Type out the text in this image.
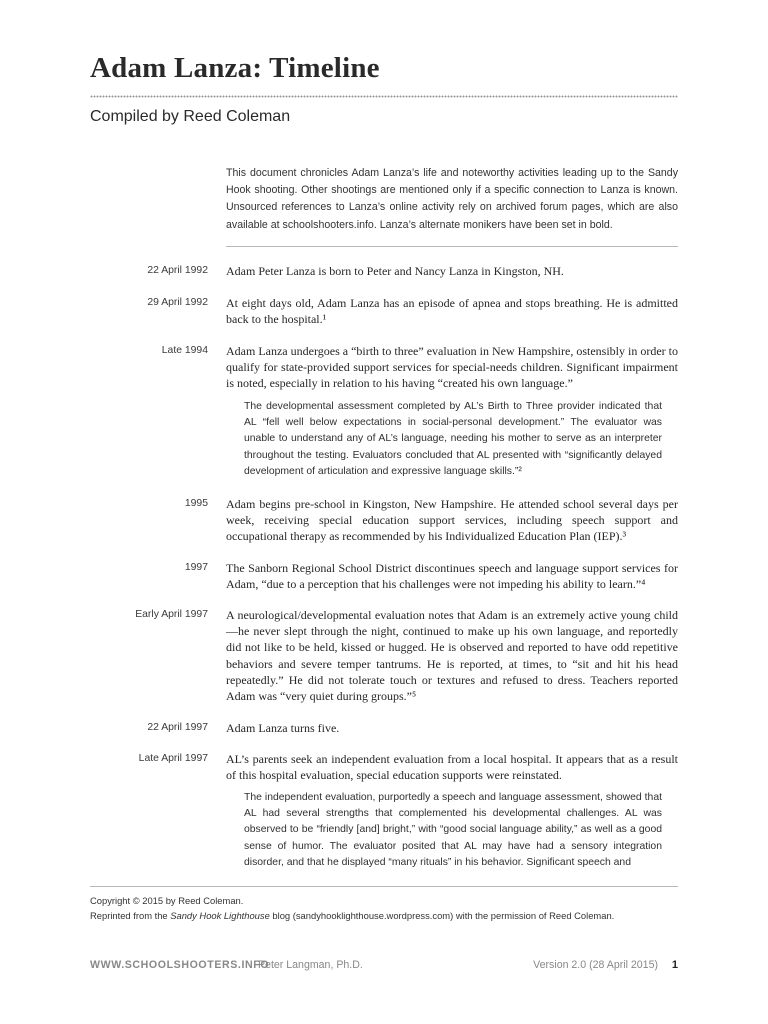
Adam Lanza: Timeline
Compiled by Reed Coleman

This document chronicles Adam Lanza’s life and noteworthy activities leading up to the Sandy Hook shooting. Other shootings are mentioned only if a specific connection to Lanza is known. Unsourced references to Lanza’s online activity rely on archived forum pages, which are also available at schoolshooters.info. Lanza’s alternate monikers have been set in bold.

22 April 1992 Adam Peter Lanza is born to Peter and Nancy Lanza in Kingston, NH.

29 April 1992 At eight days old, Adam Lanza has an episode of apnea and stops breathing. He is admitted back to the hospital.¹

Late 1994 Adam Lanza undergoes a “birth to three” evaluation in New Hampshire, ostensibly in order to qualify for state-provided support services for special-needs children. Significant impairment is noted, especially in relation to his having “created his own language.”

The developmental assessment completed by AL’s Birth to Three provider indicated that AL “fell well below expectations in social-personal development.” The evaluator was unable to understand any of AL’s language, needing his mother to serve as an interpreter throughout the testing. Evaluators concluded that AL presented with “significantly delayed development of articulation and expressive language skills.”²

1995 Adam begins pre-school in Kingston, New Hampshire. He attended school several days per week, receiving special education support services, including speech support and occupational therapy as recommended by his Individualized Education Plan (IEP).³

1997 The Sanborn Regional School District discontinues speech and language support services for Adam, “due to a perception that his challenges were not impeding his ability to learn.”⁴

Early April 1997 A neurological/developmental evaluation notes that Adam is an extremely active young child—he never slept through the night, continued to make up his own language, and reportedly did not like to be held, kissed or hugged. He is observed and reported to have odd repetitive behaviors and severe temper tantrums. He is reported, at times, to “sit and hit his head repeatedly.” He did not tolerate touch or textures and refused to dress. Teachers reported Adam was “very quiet during groups.”⁵

22 April 1997 Adam Lanza turns five.

Late April 1997 AL’s parents seek an independent evaluation from a local hospital. It appears that as a result of this hospital evaluation, special education supports were reinstated.

The independent evaluation, purportedly a speech and language assessment, showed that AL had several strengths that complemented his developmental challenges. AL was observed to be “friendly [and] bright,” with “good social language ability,” as well as a good sense of humor. The evaluator posited that AL may have had a sensory integration disorder, and that he displayed “many rituals” in his behavior. Significant speech and

Copyright © 2015 by Reed Coleman.

Reprinted from the Sandy Hook Lighthouse blog (sandyhooklighthouse.wordpress.com) with the permission of Reed Coleman.

WWW.SCHOOLSHOOTERS.INFO
Peter Langman, Ph.D.	Version 2.0 (28 April 2015) 1
